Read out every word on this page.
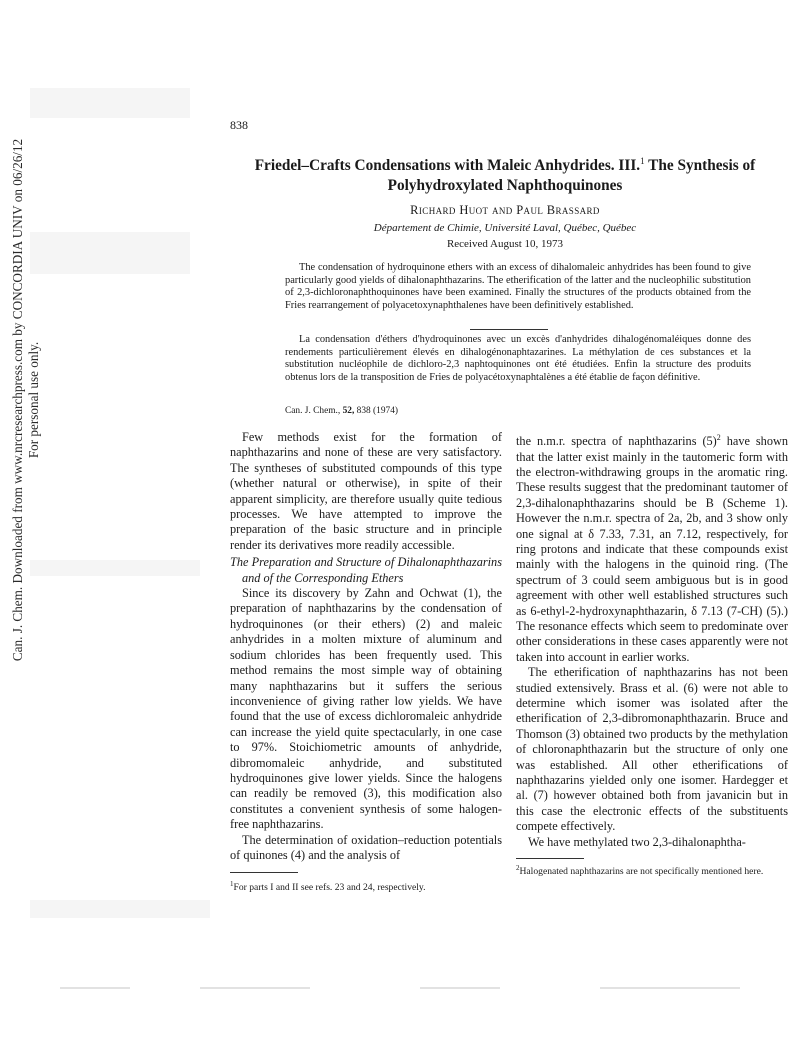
Can. J. Chem. Downloaded from www.nrcresearchpress.com by CONCORDIA UNIV on 06/26/12 For personal use only.
838
Friedel–Crafts Condensations with Maleic Anhydrides. III.$^1$ The Synthesis of
Polyhydroxylated Naphthoquinones
Richard Huot and Paul Brassard
Département de Chimie, Université Laval, Québec, Québec
Received August 10, 1973
The condensation of hydroquinone ethers with an excess of dihalomaleic anhydrides has been found to give particularly good yields of dihalonaphthazarins. The etherification of the latter and the nucleophilic substitution of 2,3-dichloronaphthoquinones have been examined. Finally the structures of the products obtained from the Fries rearrangement of polyacetoxynaphthalenes have been definitively established.
La condensation d'éthers d'hydroquinones avec un excès d'anhydrides dihalogénomaléiques donne des rendements particulièrement élevés en dihalogénonaphtazarines. La méthylation de ces substances et la substitution nucléophile de dichloro-2,3 naphtoquinones ont été étudiées. Enfin la structure des produits obtenus lors de la transposition de Fries de polyacétoxynaphtalènes a été établie de façon définitive.
Can. J. Chem., 52, 838 (1974)

Few methods exist for the formation of naphthazarins and none of these are very satisfactory. The syntheses of substituted compounds of this type (whether natural or otherwise), in spite of their apparent simplicity, are therefore usually quite tedious processes. We have attempted to improve the preparation of the basic structure and in principle render its derivatives more readily accessible.

The Preparation and Structure of Dihalonaphthazarins and of the Corresponding Ethers

Since its discovery by Zahn and Ochwat (1), the preparation of naphthazarins by the condensation of hydroquinones (or their ethers) (2) and maleic anhydrides in a molten mixture of aluminum and sodium chlorides has been frequently used. This method remains the most simple way of obtaining many naphthazarins but it suffers the serious inconvenience of giving rather low yields. We have found that the use of excess dichloromaleic anhydride can increase the yield quite spectacularly, in one case to 97%. Stoichiometric amounts of anhydride, dibromomaleic anhydride, and substituted hydroquinones give lower yields. Since the halogens can readily be removed (3), this modification also constitutes a convenient synthesis of some halogen-free naphthazarins.

The determination of oxidation–reduction potentials of quinones (4) and the analysis of

the n.m.r. spectra of naphthazarins $(5)^2$ have shown that the latter exist mainly in the tautomeric form with the electron-withdrawing groups in the aromatic ring. These results suggest that the predominant tautomer of 2,3-dihalonaphthazarins should be B (Scheme 1). However the n.m.r. spectra of 2a, 2b, and 3 show only one signal at δ 7.33, 7.31, an 7.12, respectively, for ring protons and indicate that these compounds exist mainly with the halogens in the quinoid ring. (The spectrum of 3 could seem ambiguous but is in good agreement with other well established structures such as 6-ethyl-2-hydroxynaphthazarin, δ 7.13 (7-CH) (5).) The resonance effects which seem to predominate over other considerations in these cases apparently were not taken into account in earlier works.

The etherification of naphthazarins has not been studied extensively. Brass et al. (6) were not able to determine which isomer was isolated after the etherification of 2,3-dibromonaphthazarin. Bruce and Thomson (3) obtained two products by the methylation of chloronaphthazarin but the structure of only one was established. All other etherifications of naphthazarins yielded only one isomer. Hardegger et al. (7) however obtained both from javanicin but in this case the electronic effects of the substituents compete effectively.

We have methylated two 2,3-dihalonaphtha-

$^1$For parts I and II see refs. 23 and 24, respectively.
$^2$Halogenated naphthazarins are not specifically mentioned here.
